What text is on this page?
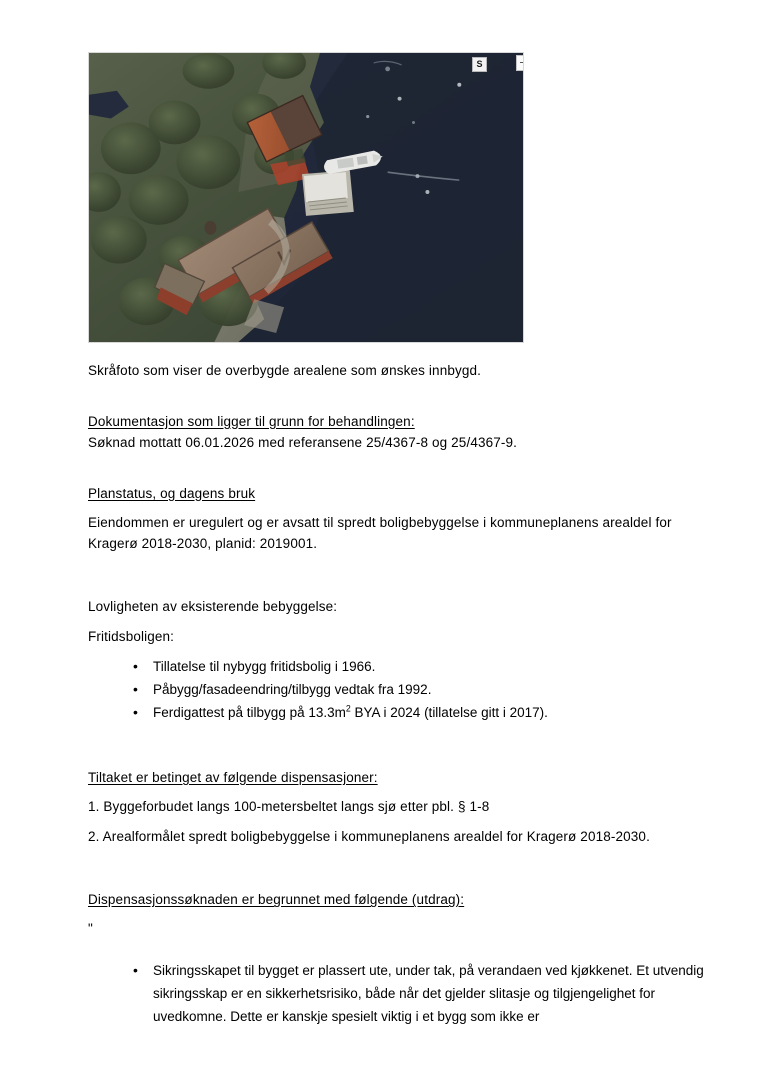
S

Skråfoto som viser de overbygde arealene som ønskes innbygd.

Dokumentasjon som ligger til grunn for behandlingen:

Søknad mottatt 06.01.2026 med referansene 25/4367-8 og 25/4367-9.

Planstatus, og dagens bruk

Eiendommen er uregulert og er avsatt til spredt boligbebyggelse i kommuneplanens arealdel for Kragerø 2018-2030, planid: 2019001.

Lovligheten av eksisterende bebyggelse:

Fritidsboligen:

• Tillatelse til nybygg fritidsbolig i 1966.
• Påbygg/fasadeendring/tilbygg vedtak fra 1992.
• Ferdigattest på tilbygg på $13.3m^2$ BYA i 2024 (tillatelse gitt i 2017).

Tiltaket er betinget av følgende dispensasjoner:

1. Byggeforbudet langs 100-metersbeltet langs sjø etter pbl. § 1-8

2. Arealformålet spredt boligbebyggelse i kommuneplanens arealdel for Kragerø 2018-2030.

Dispensasjonssøknaden er begrunnet med følgende (utdrag):

"

• Sikringsskapet til bygget er plassert ute, under tak, på verandaen ved kjøkkenet. Et utvendig sikringsskap er en sikkerhetsrisiko, både når det gjelder slitasje og tilgjengelighet for uvedkomne. Dette er kanskje spesielt viktig i et bygg som ikke er
